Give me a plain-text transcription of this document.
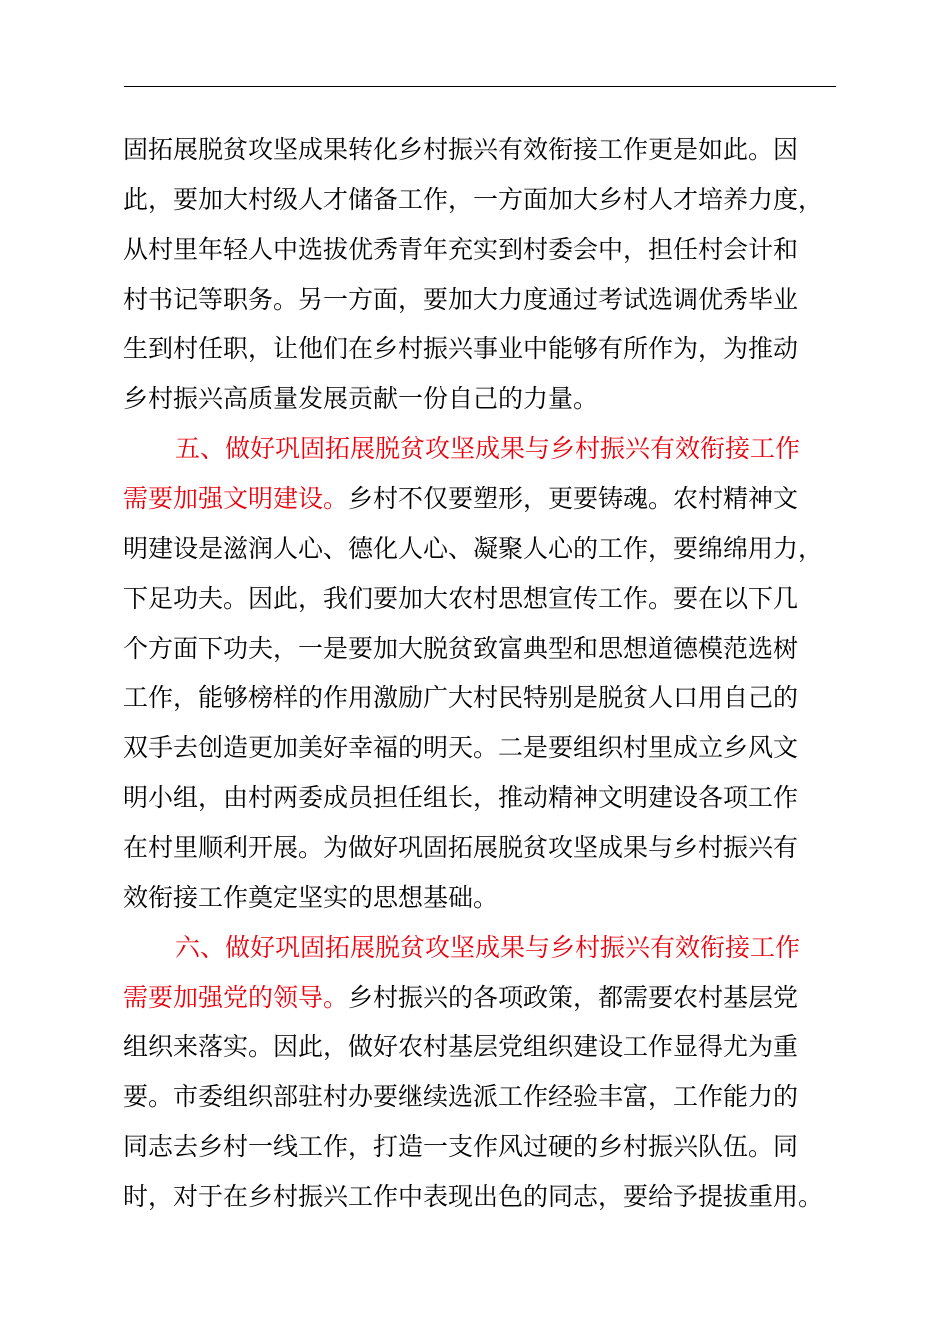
固拓展脱贫攻坚成果转化乡村振兴有效衔接工作更是如此。因
此，要加大村级人才储备工作，一方面加大乡村人才培养力度，
从村里年轻人中选拔优秀青年充实到村委会中，担任村会计和
村书记等职务。另一方面，要加大力度通过考试选调优秀毕业
生到村任职，让他们在乡村振兴事业中能够有所作为，为推动
乡村振兴高质量发展贡献一份自己的力量。
五、做好巩固拓展脱贫攻坚成果与乡村振兴有效衔接工作
需要加强文明建设。乡村不仅要塑形，更要铸魂。农村精神文
明建设是滋润人心、德化人心、凝聚人心的工作，要绵绵用力，
下足功夫。因此，我们要加大农村思想宣传工作。要在以下几
个方面下功夫，一是要加大脱贫致富典型和思想道德模范选树
工作，能够榜样的作用激励广大村民特别是脱贫人口用自己的
双手去创造更加美好幸福的明天。二是要组织村里成立乡风文
明小组，由村两委成员担任组长，推动精神文明建设各项工作
在村里顺利开展。为做好巩固拓展脱贫攻坚成果与乡村振兴有
效衔接工作奠定坚实的思想基础。
六、做好巩固拓展脱贫攻坚成果与乡村振兴有效衔接工作
需要加强党的领导。乡村振兴的各项政策，都需要农村基层党
组织来落实。因此，做好农村基层党组织建设工作显得尤为重
要。市委组织部驻村办要继续选派工作经验丰富，工作能力的
同志去乡村一线工作，打造一支作风过硬的乡村振兴队伍。同
时，对于在乡村振兴工作中表现出色的同志，要给予提拔重用。
